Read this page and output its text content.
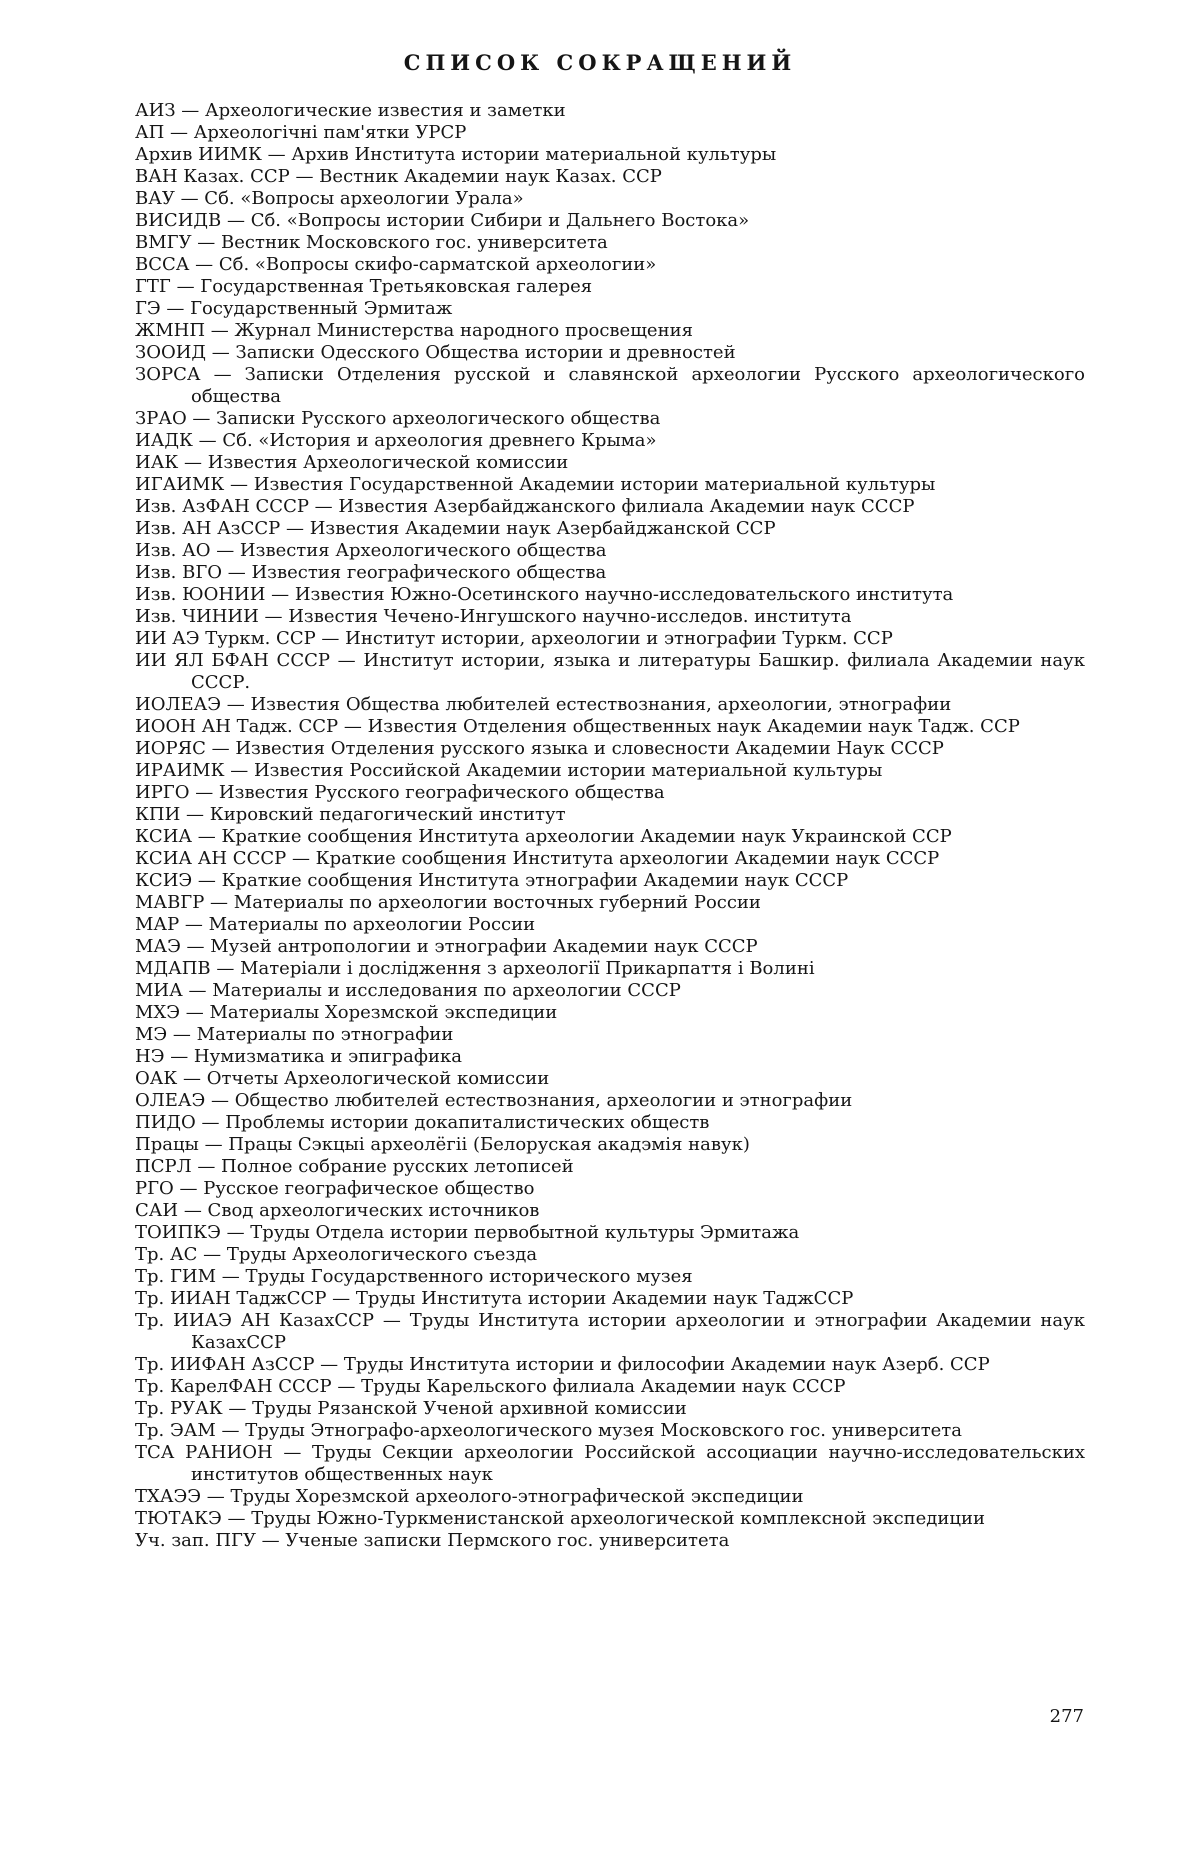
СПИСОК СОКРАЩЕНИЙ
АИЗ — Археологические известия и заметки
АП — Археологічні пам'ятки УРСР
Архив ИИМК — Архив Института истории материальной культуры
ВАН Казах. ССР — Вестник Академии наук Казах. ССР
ВАУ — Сб. «Вопросы археологии Урала»
ВИСИДВ — Сб. «Вопросы истории Сибири и Дальнего Востока»
ВМГУ — Вестник Московского гос. университета
ВССА — Сб. «Вопросы скифо-сарматской археологии»
ГТГ — Государственная Третьяковская галерея
ГЭ — Государственный Эрмитаж
ЖМНП — Журнал Министерства народного просвещения
ЗООИД — Записки Одесского Общества истории и древностей
ЗОРСА — Записки Отделения русской и славянской археологии Русского археологического общества
ЗРАО — Записки Русского археологического общества
ИАДК — Сб. «История и археология древнего Крыма»
ИАК — Известия Археологической комиссии
ИГАИМК — Известия Государственной Академии истории материальной культуры
Изв. АзФАН СССР — Известия Азербайджанского филиала Академии наук СССР
Изв. АН АзССР — Известия Академии наук Азербайджанской ССР
Изв. АО — Известия Археологического общества
Изв. ВГО — Известия географического общества
Изв. ЮОНИИ — Известия Южно-Осетинского научно-исследовательского института
Изв. ЧИНИИ — Известия Чечено-Ингушского научно-исследов. института
ИИ АЭ Туркм. ССР — Институт истории, археологии и этнографии Туркм. ССР
ИИ ЯЛ БФАН СССР — Институт истории, языка и литературы Башкир. филиала Академии наук СССР.
ИОЛЕАЭ — Известия Общества любителей естествознания, археологии, этнографии
ИООН АН Тадж. ССР — Известия Отделения общественных наук Академии наук Тадж. ССР
ИОРЯС — Известия Отделения русского языка и словесности Академии Наук СССР
ИРАИМК — Известия Российской Академии истории материальной культуры
ИРГО — Известия Русского географического общества
КПИ — Кировский педагогический институт
КСИА — Краткие сообщения Института археологии Академии наук Украинской ССР
КСИА АН СССР — Краткие сообщения Института археологии Академии наук СССР
КСИЭ — Краткие сообщения Института этнографии Академии наук СССР
МАВГР — Материалы по археологии восточных губерний России
МАР — Материалы по археологии России
МАЭ — Музей антропологии и этнографии Академии наук СССР
МДАПВ — Матеріали і дослідження з археології Прикарпаття і Волині
МИА — Материалы и исследования по археологии СССР
МХЭ — Материалы Хорезмской экспедиции
МЭ — Материалы по этнографии
НЭ — Нумизматика и эпиграфика
ОАК — Отчеты Археологической комиссии
ОЛЕАЭ — Общество любителей естествознания, археологии и этнографии
ПИДО — Проблемы истории докапиталистических обществ
Працы — Працы Сэкцыі археолёгіі (Белоруская акадэмія навук)
ПСРЛ — Полное собрание русских летописей
РГО — Русское географическое общество
САИ — Свод археологических источников
ТОИПКЭ — Труды Отдела истории первобытной культуры Эрмитажа
Тр. АС — Труды Археологического съезда
Тр. ГИМ — Труды Государственного исторического музея
Тр. ИИАН ТаджССР — Труды Института истории Академии наук ТаджССР
Тр. ИИАЭ АН КазахССР — Труды Института истории археологии и этнографии Академии наук КазахССР
Тр. ИИФАН АзССР — Труды Института истории и философии Академии наук Азерб. ССР
Тр. КарелФАН СССР — Труды Карельского филиала Академии наук СССР
Тр. РУАК — Труды Рязанской Ученой архивной комиссии
Тр. ЭАМ — Труды Этнографо-археологического музея Московского гос. университета
ТСА РАНИОН — Труды Секции археологии Российской ассоциации научно-исследовательских институтов общественных наук
ТХАЭЭ — Труды Хорезмской археолого-этнографической экспедиции
ТЮТАКЭ — Труды Южно-Туркменистанской археологической комплексной экспедиции
Уч. зап. ПГУ — Ученые записки Пермского гос. университета
277
